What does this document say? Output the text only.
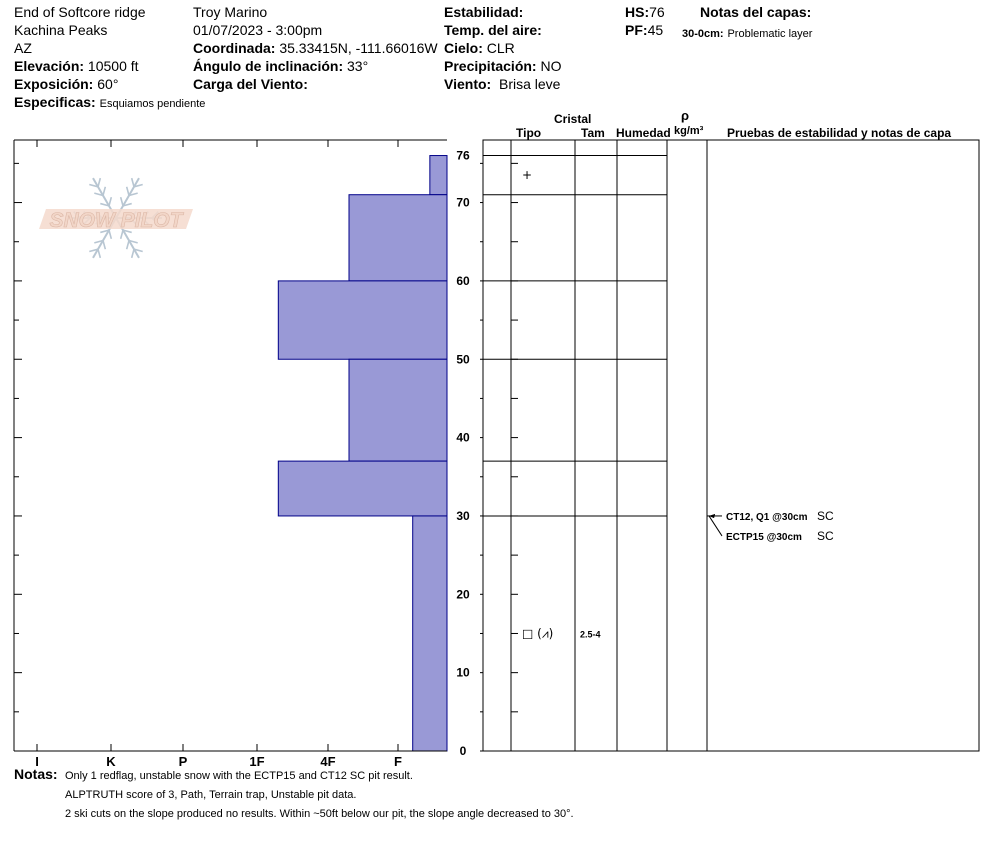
End of Softcore ridge
Kachina Peaks
AZ
Elevación: 10500 ft
Exposición: 60°
Especificas: Esquiamos pendiente
Troy Marino
01/07/2023 - 3:00pm
Coordinada: 35.33415N, -111.66016W
Ángulo de inclinación: 33°
Carga del Viento:
Estabilidad:
Temp. del aire:
Cielo: CLR
Precipitación: NO
Viento: Brisa leve
HS:76
PF:45
Notas del capas:
30-0cm: Problematic layer
Cristal
Tipo	Tam Humedad
ρ
kg/m³ Pruebas de estabilidad y notas de capa
I	K	P	1F	4F	F
0
10
20
30
40
50
60
70
76
SNOW PILOT
+
□ (⩘)	2.5-4
CT12, Q1 @30cm SC
ECTP15 @30cm SC
Notas: Only 1 redflag, unstable snow with the ECTP15 and CT12 SC pit result.
ALPTRUTH score of 3, Path, Terrain trap, Unstable pit data.
2 ski cuts on the slope produced no results. Within ~50ft below our pit, the slope angle decreased to 30°.
